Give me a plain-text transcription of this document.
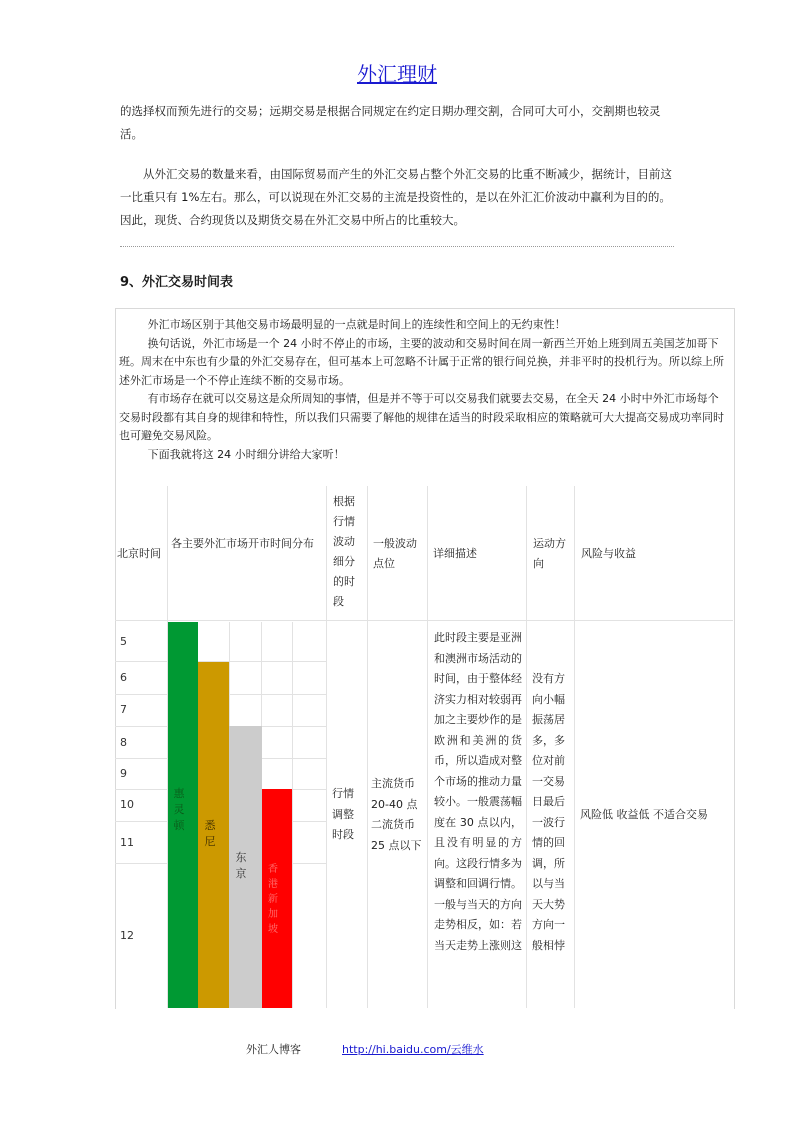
外汇理财

的选择权而预先进行的交易；远期交易是根据合同规定在约定日期办理交割，合同可大可小，交割期也较灵活。

从外汇交易的数量来看，由国际贸易而产生的外汇交易占整个外汇交易的比重不断减少，据统计，目前这一比重只有 1%左右。那么，可以说现在外汇交易的主流是投资性的，是以在外汇汇价波动中赢利为目的的。因此，现货、合约现货以及期货交易在外汇交易中所占的比重较大。

9、外汇交易时间表

外汇市场区别于其他交易市场最明显的一点就是时间上的连续性和空间上的无约束性！

换句话说，外汇市场是一个 24 小时不停止的市场，主要的波动和交易时间在周一新西兰开始上班到周五美国芝加哥下班。周末在中东也有少量的外汇交易存在，但可基本上可忽略不计属于正常的银行间兑换，并非平时的投机行为。所以综上所述外汇市场是一个不停止连续不断的交易市场。

有市场存在就可以交易这是众所周知的事情，但是并不等于可以交易我们就要去交易，在全天 24 小时中外汇市场每个交易时段都有其自身的规律和特性，所以我们只需要了解他的规律在适当的时段采取相应的策略就可大大提高交易成功率同时也可避免交易风险。

下面我就将这 24 小时细分讲给大家听！

北京时间
各主要外汇市场开市时间分布
根据行情波动细分的时段
一般波动点位
详细描述
运动方向
风险与收益
5
6
7
8
9
10
11
12
惠灵顿 悉尼
东京 香港新加坡
行情调整时段
主流货币 20-40 点 二流货币 25 点以下
此时段主要是亚洲和澳洲市场活动的时间，由于整体经济实力相对较弱再加之主要炒作的是欧洲和美洲的货币，所以造成对整个市场的推动力量较小。一般震荡幅度在 30 点以内，且没有明显的方向。这段行情多为调整和回调行情。一般与当天的方向走势相反，如：若当天走势上涨则这
没有方向小幅振荡居多，多位对前一交易日最后一波行情的回调，所以与当天大势方向一般相悖
风险低 收益低 不适合交易
外汇人博客	http://hi.baidu.com/云维水
